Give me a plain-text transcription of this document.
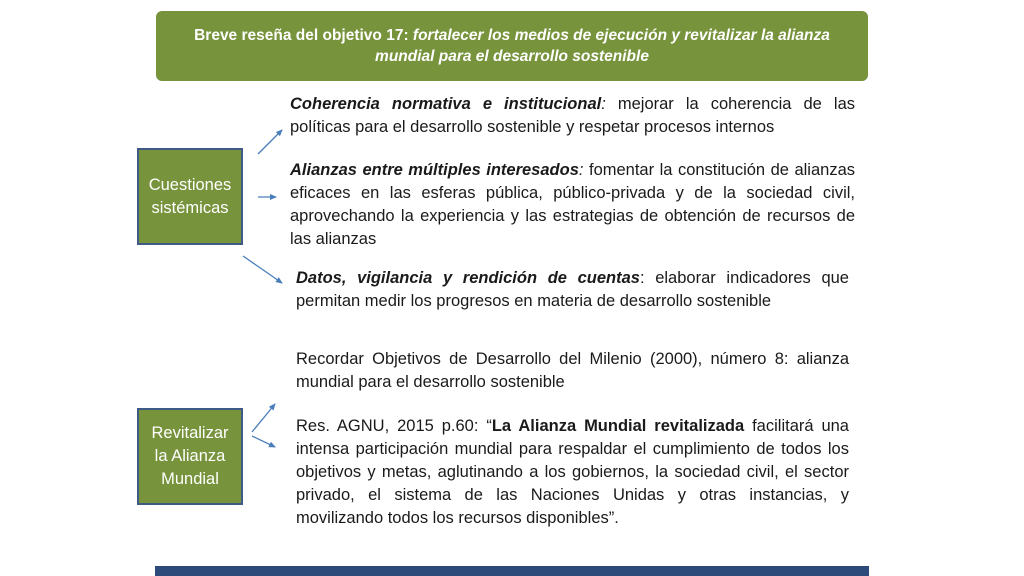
Breve reseña del objetivo 17: fortalecer los medios de ejecución y revitalizar la alianza mundial para el desarrollo sostenible
Cuestiones
sistémicas
Revitalizar
la Alianza
Mundial
Coherencia normativa e institucional: mejorar la coherencia de las políticas para el desarrollo sostenible y respetar procesos internos
Alianzas entre múltiples interesados: fomentar la constitución de alianzas eficaces en las esferas pública, público-privada y de la sociedad civil, aprovechando la experiencia y las estrategias de obtención de recursos de las alianzas
Datos, vigilancia y rendición de cuentas: elaborar indicadores que permitan medir los progresos en materia de desarrollo sostenible
Recordar Objetivos de Desarrollo del Milenio (2000), número 8: alianza mundial para el desarrollo sostenible
Res. AGNU, 2015 p.60: “La Alianza Mundial revitalizada facilitará una intensa participación mundial para respaldar el cumplimiento de todos los objetivos y metas, aglutinando a los gobiernos, la sociedad civil, el sector privado, el sistema de las Naciones Unidas y otras instancias, y movilizando todos los recursos disponibles”.
